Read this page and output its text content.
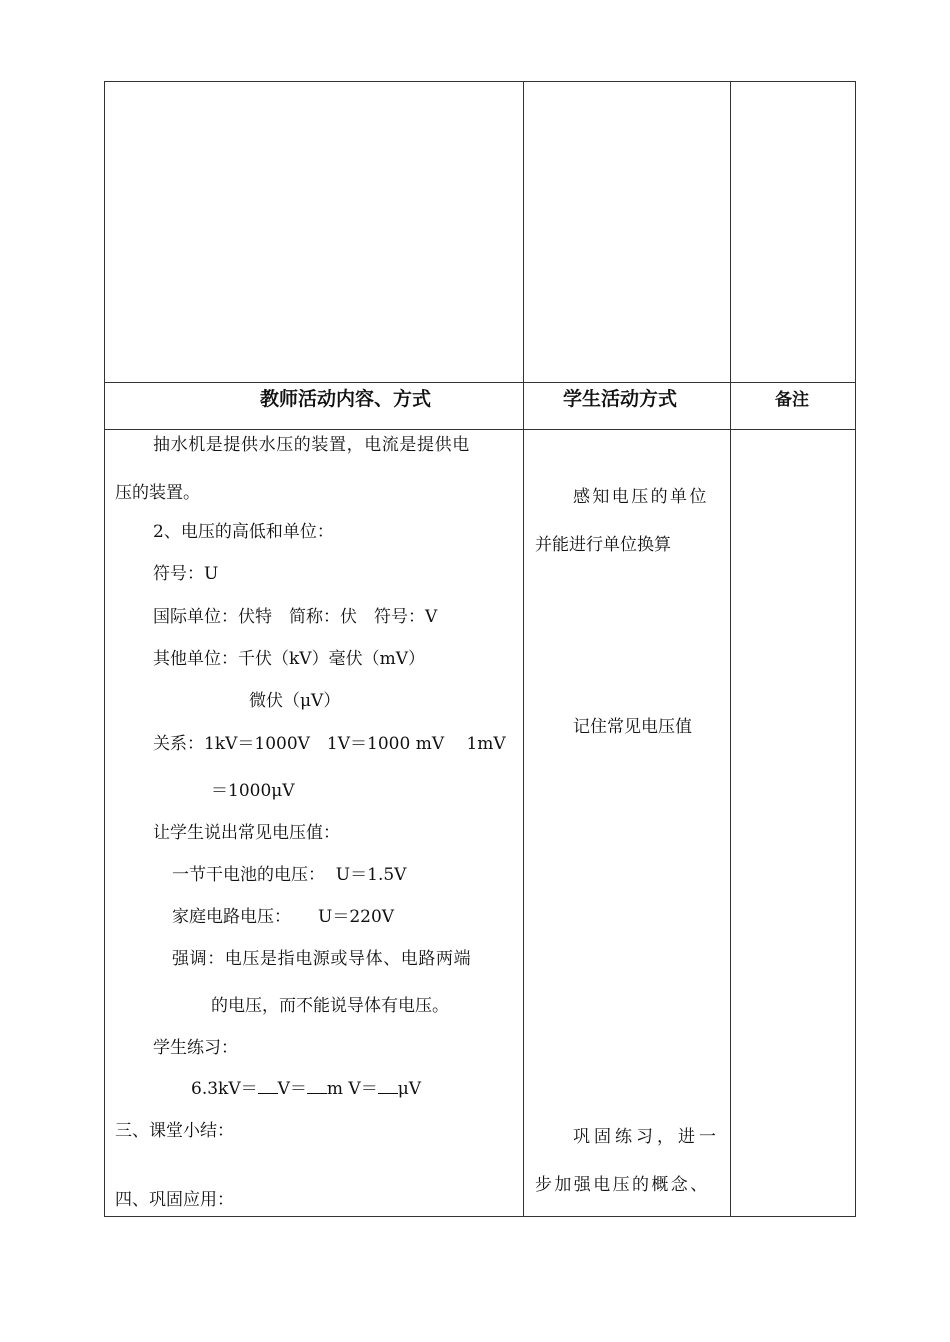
教师活动内容、方式	学生活动方式	备注
抽水机是提供水压的装置，电流是提供电
压的装置。
2、电压的高低和单位：
符号：U
国际单位：伏特　简称：伏　符号：V
其他单位：千伏（kV）毫伏（mV）
微伏（μV）
关系：1kV＝1000V　1V＝1000 mV　 1mV
＝1000μV
让学生说出常见电压值：
一节干电池的电压：  U＝1.5V
家庭电路电压：     U＝220V
强调：电压是指电源或导体、电路两端
的电压，而不能说导体有电压。
学生练习：
6.3kV＝ V＝ m V＝ μV
三、课堂小结：
四、巩固应用：
感知电压的单位
并能进行单位换算
记住常见电压值
巩固练习，进一
步加强电压的概念、
